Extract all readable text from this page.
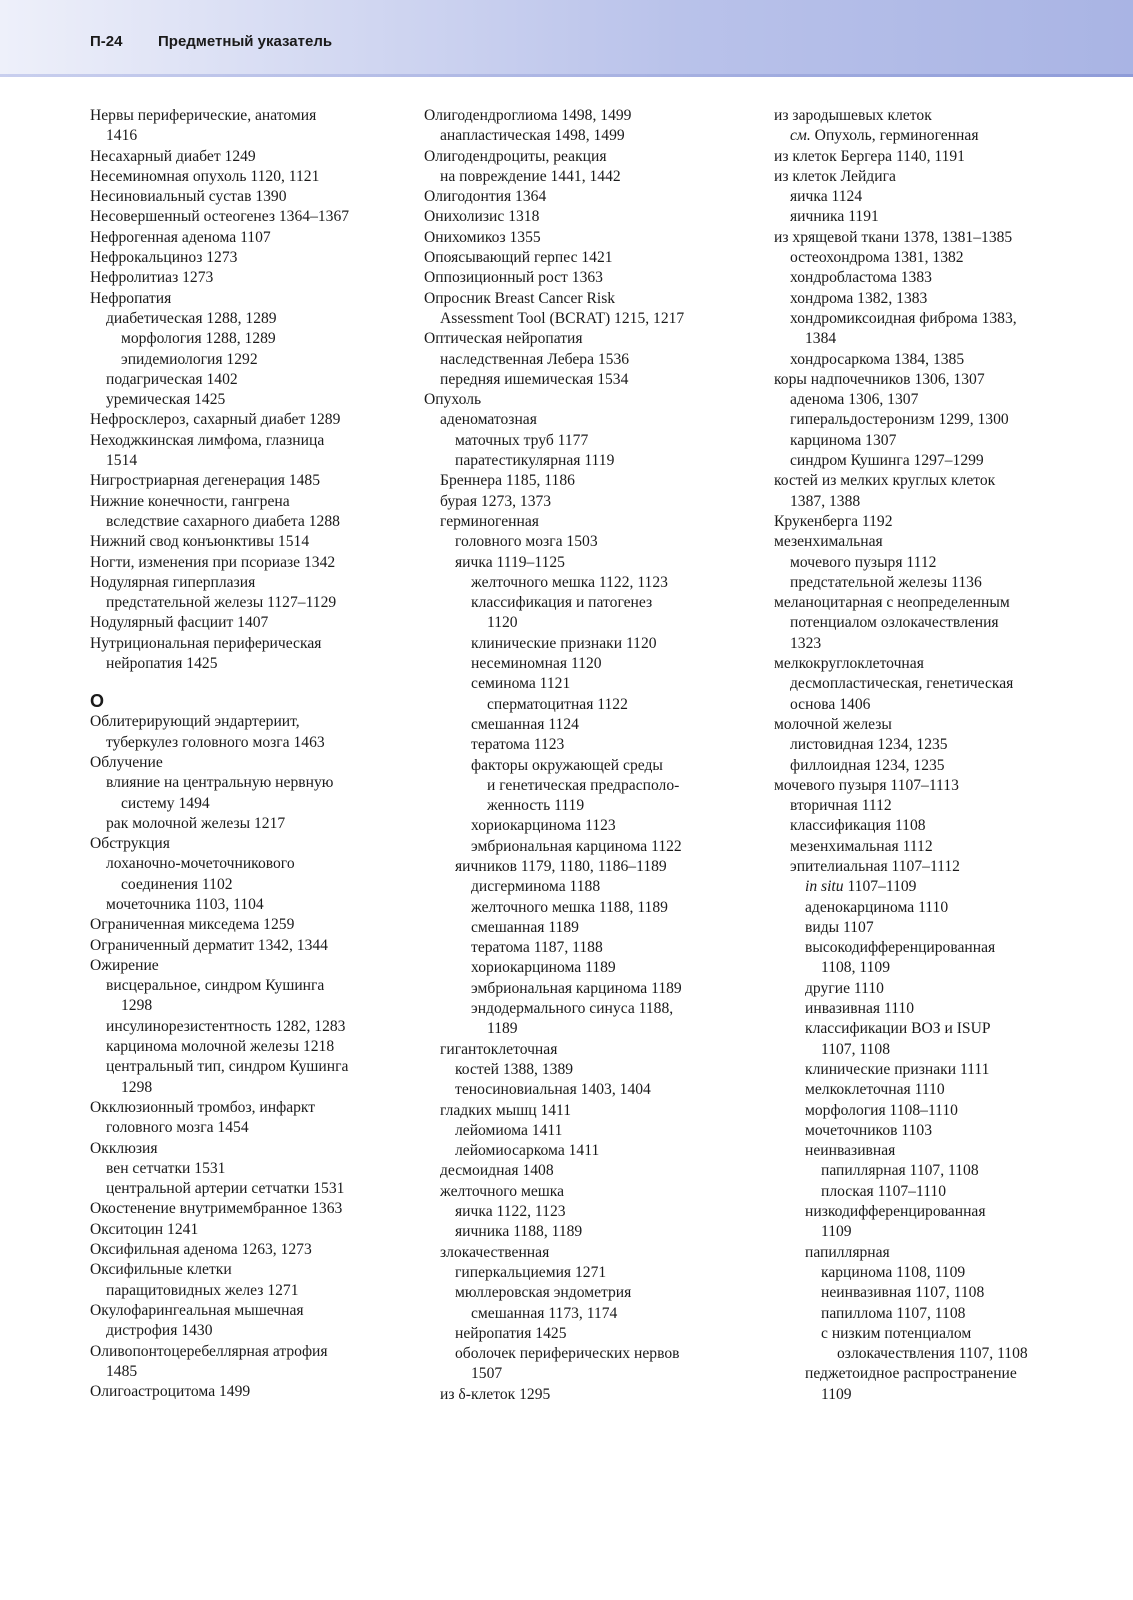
П-24 Предметный указатель
Нервы периферические, анатомия
1416
Несахарный диабет 1249
Несеминомная опухоль 1120, 1121
Несиновиальный сустав 1390
Несовершенный остеогенез 1364–1367
Нефрогенная аденома 1107
Нефрокальциноз 1273
Нефролитиаз 1273
Нефропатия
диабетическая 1288, 1289
морфология 1288, 1289
эпидемиология 1292
подагрическая 1402
уремическая 1425
Нефросклероз, сахарный диабет 1289
Неходжкинская лимфома, глазница
1514
Нигростриарная дегенерация 1485
Нижние конечности, гангрена
вследствие сахарного диабета 1288
Нижний свод конъюнктивы 1514
Ногти, изменения при псориазе 1342
Нодулярная гиперплазия
предстательной железы 1127–1129
Нодулярный фасциит 1407
Нутрициональная периферическая
нейропатия 1425
О
Облитерирующий эндартериит,
туберкулез головного мозга 1463
Облучение
влияние на центральную нервную
систему 1494
рак молочной железы 1217
Обструкция
лоханочно-мочеточникового
соединения 1102
мочеточника 1103, 1104
Ограниченная микседема 1259
Ограниченный дерматит 1342, 1344
Ожирение
висцеральное, синдром Кушинга
1298
инсулинорезистентность 1282, 1283
карцинома молочной железы 1218
центральный тип, синдром Кушинга
1298
Окклюзионный тромбоз, инфаркт
головного мозга 1454
Окклюзия
вен сетчатки 1531
центральной артерии сетчатки 1531
Окостенение внутримембранное 1363
Окситоцин 1241
Оксифильная аденома 1263, 1273
Оксифильные клетки
паращитовидных желез 1271
Окулофарингеальная мышечная
дистрофия 1430
Оливопонтоцеребеллярная атрофия
1485
Олигоастроцитома 1499
Олигодендроглиома 1498, 1499
анапластическая 1498, 1499
Олигодендроциты, реакция
на повреждение 1441, 1442
Олигодонтия 1364
Онихолизис 1318
Онихомикоз 1355
Опоясывающий герпес 1421
Оппозиционный рост 1363
Опросник Breast Cancer Risk
Assessment Tool (BCRAT) 1215, 1217
Оптическая нейропатия
наследственная Лебера 1536
передняя ишемическая 1534
Опухоль
аденоматозная
маточных труб 1177
паратестикулярная 1119
Бреннера 1185, 1186
бурая 1273, 1373
герминогенная
головного мозга 1503
яичка 1119–1125
желточного мешка 1122, 1123
классификация и патогенез
1120
клинические признаки 1120
несеминомная 1120
семинома 1121
сперматоцитная 1122
смешанная 1124
тератома 1123
факторы окружающей среды
и генетическая предрасполо-
женность 1119
хориокарцинома 1123
эмбриональная карцинома 1122
яичников 1179, 1180, 1186–1189
дисгерминома 1188
желточного мешка 1188, 1189
смешанная 1189
тератома 1187, 1188
хориокарцинома 1189
эмбриональная карцинома 1189
эндодермального синуса 1188,
1189
гигантоклеточная
костей 1388, 1389
теносиновиальная 1403, 1404
гладких мышц 1411
лейомиома 1411
лейомиосаркома 1411
десмоидная 1408
желточного мешка
яичка 1122, 1123
яичника 1188, 1189
злокачественная
гиперкальциемия 1271
мюллеровская эндометрия
смешанная 1173, 1174
нейропатия 1425
оболочек периферических нервов
1507
из δ-клеток 1295
из зародышевых клеток
см. Опухоль, герминогенная
из клеток Бергера 1140, 1191
из клеток Лейдига
яичка 1124
яичника 1191
из хрящевой ткани 1378, 1381–1385
остеохондрома 1381, 1382
хондробластома 1383
хондрома 1382, 1383
хондромиксоидная фиброма 1383,
1384
хондросаркома 1384, 1385
коры надпочечников 1306, 1307
аденома 1306, 1307
гиперальдостеронизм 1299, 1300
карцинома 1307
синдром Кушинга 1297–1299
костей из мелких круглых клеток
1387, 1388
Крукенберга 1192
мезенхимальная
мочевого пузыря 1112
предстательной железы 1136
меланоцитарная с неопределенным
потенциалом озлокачествления
1323
мелкокруглоклеточная
десмопластическая, генетическая
основа 1406
молочной железы
листовидная 1234, 1235
филлоидная 1234, 1235
мочевого пузыря 1107–1113
вторичная 1112
классификация 1108
мезенхимальная 1112
эпителиальная 1107–1112
in situ 1107–1109
аденокарцинома 1110
виды 1107
высокодифференцированная
1108, 1109
другие 1110
инвазивная 1110
классификации ВОЗ и ISUP
1107, 1108
клинические признаки 1111
мелкоклеточная 1110
морфология 1108–1110
мочеточников 1103
неинвазивная
папиллярная 1107, 1108
плоская 1107–1110
низкодифференцированная
1109
папиллярная
карцинома 1108, 1109
неинвазивная 1107, 1108
папиллома 1107, 1108
с низким потенциалом
озлокачествления 1107, 1108
педжетоидное распространение
1109
